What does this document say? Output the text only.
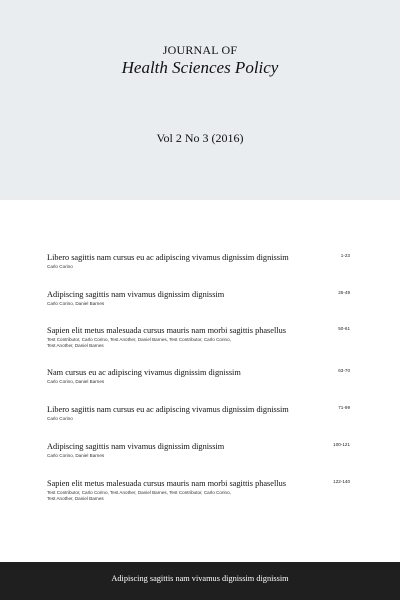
JOURNAL OF
Health Sciences Policy
Vol 2 No 3 (2016)
Libero sagittis nam cursus eu ac adipiscing vivamus dignissim dignissim	1-23
Carlo Corino
Adipiscing sagittis nam vivamus dignissim dignissim	25-49
Carlo Corino, Daniel Barnes
Sapien elit metus malesuada cursus mauris nam morbi sagittis phasellus	50-61
Test Contributor, Carlo Corino, Test Another, Daniel Barnes, Test Contributor, Carlo Corino, Test Another, Daniel Barnes
Nam cursus eu ac adipiscing vivamus dignissim dignissim	63-70
Carlo Corino, Daniel Barnes
Libero sagittis nam cursus eu ac adipiscing vivamus dignissim dignissim	71-99
Carlo Corino
Adipiscing sagittis nam vivamus dignissim dignissim	100-121
Carlo Corino, Daniel Barnes
Sapien elit metus malesuada cursus mauris nam morbi sagittis phasellus	122-140
Test Contributor, Carlo Corino, Test Another, Daniel Barnes, Test Contributor, Carlo Corino, Test Another, Daniel Barnes
Adipiscing sagittis nam vivamus dignissim dignissim
